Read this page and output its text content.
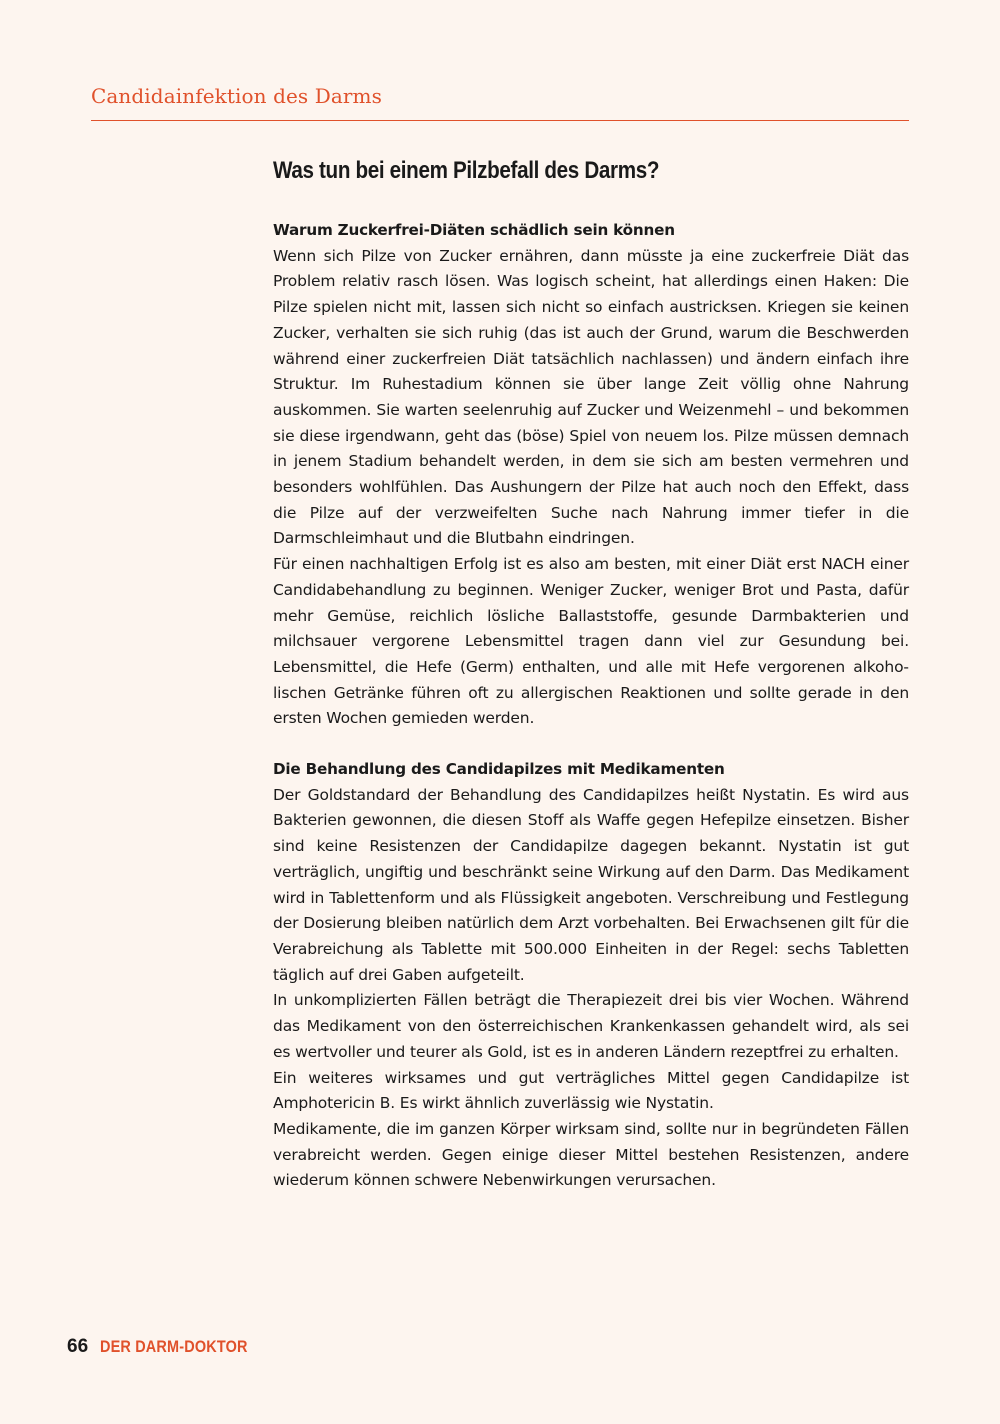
Candidainfektion des Darms
Was tun bei einem Pilzbefall des Darms?
Warum Zuckerfrei-Diäten schädlich sein können

Wenn sich Pilze von Zucker ernähren, dann müsste ja eine zuckerfreie Diät das Problem relativ rasch lösen. Was logisch scheint, hat allerdings einen Haken: Die Pilze spielen nicht mit, lassen sich nicht so einfach austricksen. Kriegen sie keinen Zucker, verhalten sie sich ruhig (das ist auch der Grund, warum die Beschwerden während einer zuckerfreien Diät tatsächlich nachlassen) und ändern einfach ihre Struktur. Im Ruhestadium können sie über lange Zeit völlig ohne Nahrung auskommen. Sie warten seelenruhig auf Zucker und Weizenmehl – und bekommen sie diese irgendwann, geht das (böse) Spiel von neuem los. Pilze müssen demnach in jenem Stadium behandelt werden, in dem sie sich am besten vermehren und besonders wohlfühlen. Das Aushungern der Pilze hat auch noch den Effekt, dass die Pilze auf der verzweifelten Suche nach Nahrung immer tiefer in die Darmschleimhaut und die Blutbahn eindringen.

Für einen nachhaltigen Erfolg ist es also am besten, mit einer Diät erst NACH einer Candidabehandlung zu beginnen. Weniger Zucker, weniger Brot und Pasta, dafür mehr Gemüse, reichlich lösliche Ballaststoffe, gesunde Darmbakterien und milchsauer vergorene Lebensmittel tragen dann viel zur Gesundung bei. Lebensmittel, die Hefe (Germ) enthalten, und alle mit Hefe vergorenen alkoholischen Getränke führen oft zu allergischen Reaktionen und sollte gerade in den ersten Wochen gemieden werden.

Die Behandlung des Candidapilzes mit Medikamenten

Der Goldstandard der Behandlung des Candidapilzes heißt Nystatin. Es wird aus Bakterien gewonnen, die diesen Stoff als Waffe gegen Hefepilze einsetzen. Bisher sind keine Resistenzen der Candidapilze dagegen bekannt. Nystatin ist gut verträglich, ungiftig und beschränkt seine Wirkung auf den Darm. Das Medikament wird in Tablettenform und als Flüssigkeit angeboten. Verschreibung und Festlegung der Dosierung bleiben natürlich dem Arzt vorbehalten. Bei Erwachsenen gilt für die Verabreichung als Tablette mit 500.000 Einheiten in der Regel: sechs Tabletten täglich auf drei Gaben aufgeteilt.

In unkomplizierten Fällen beträgt die Therapiezeit drei bis vier Wochen. Während das Medikament von den österreichischen Krankenkassen gehandelt wird, als sei es wertvoller und teurer als Gold, ist es in anderen Ländern rezeptfrei zu erhalten.

Ein weiteres wirksames und gut verträgliches Mittel gegen Candidapilze ist Amphotericin B. Es wirkt ähnlich zuverlässig wie Nystatin.

Medikamente, die im ganzen Körper wirksam sind, sollte nur in begründeten Fällen verabreicht werden. Gegen einige dieser Mittel bestehen Resistenzen, andere wiederum können schwere Nebenwirkungen verursachen.

66 DER DARM-DOKTOR
